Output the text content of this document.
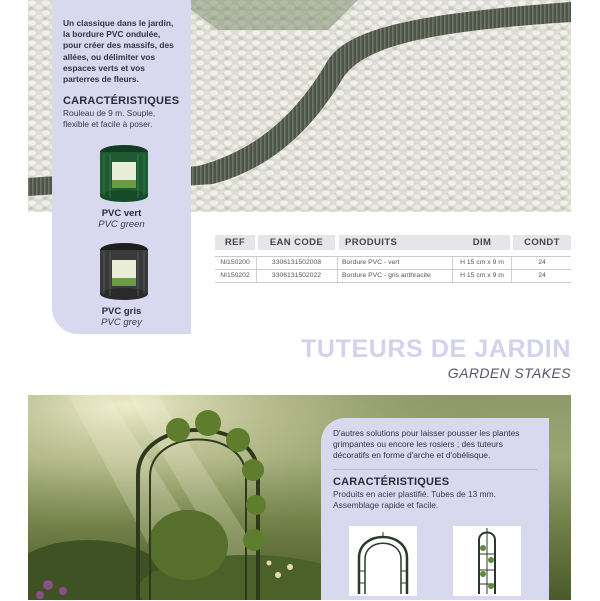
Un classique dans le jardin, la bordure PVC ondulée, pour créer des massifs, des allées, ou délimiter vos espaces verts et vos parterres de fleurs.

CARACTÉRISTIQUES

Rouleau de 9 m. Souple, flexible et facile à poser.

PVC vert
PVC green
PVC gris
PVC grey
REF	EAN CODE	PRODUITS	DIM	CONDT
NI150200	3306131502008	Bordure PVC - vert	H 15 cm x 9 m	24
NI150202	3306131502022	Bordure PVC - gris anthracite	H 15 cm x 9 m	24
TUTEURS DE JARDIN
GARDEN STAKES

D'autres solutions pour laisser pousser les plantes grimpantes ou encore les rosiers ; des tuteurs décoratifs en forme d'arche et d'obélisque.

CARACTÉRISTIQUES

Produits en acier plastifié. Tubes de 13 mm. Assemblage rapide et facile.
